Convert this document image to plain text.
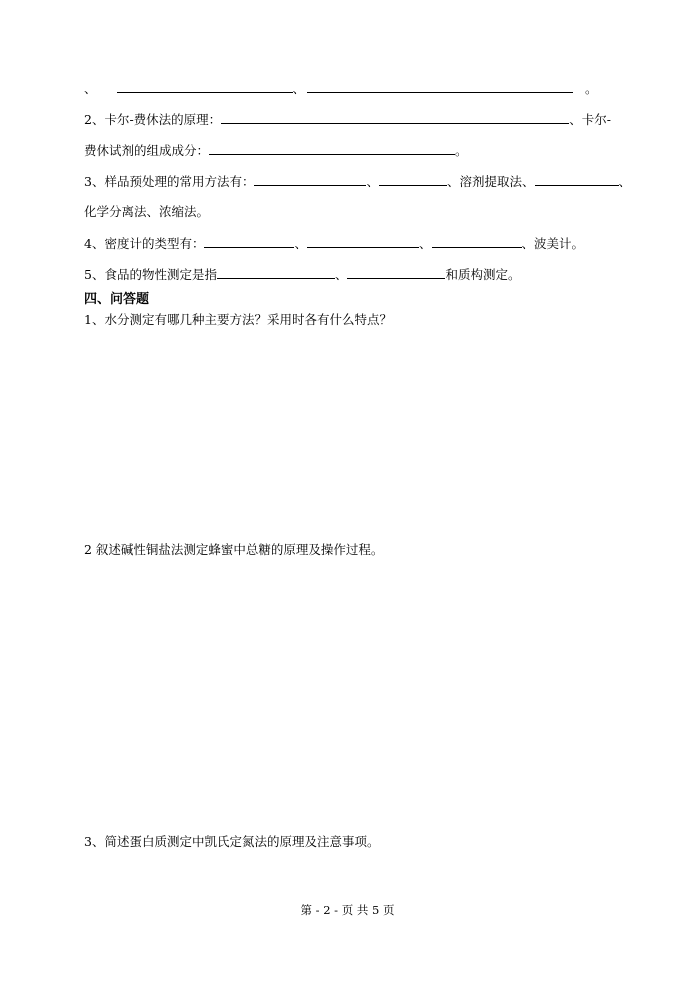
、	、	。
2、卡尔-费休法的原理：	、卡尔-
费休试剂的组成成分：	。
3、样品预处理的常用方法有：	、	、溶剂提取法、	、
化学分离法、浓缩法。
4、密度计的类型有：	、	、	、波美计。
5、食品的物性测定是指	、	和质构测定。
四、问答题
1、水分测定有哪几种主要方法？采用时各有什么特点？
2 叙述碱性铜盐法测定蜂蜜中总糖的原理及操作过程。
3、简述蛋白质测定中凯氏定氮法的原理及注意事项。
第 - 2 - 页 共 5 页
